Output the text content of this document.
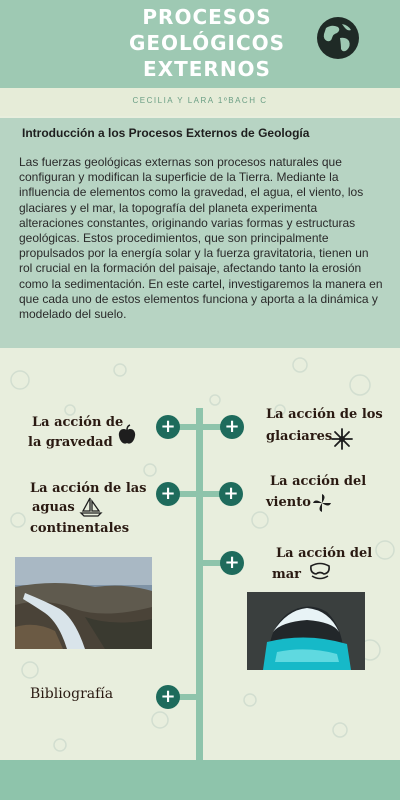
PROCESOS
GEOLÓGICOS
EXTERNOS
CECILIA Y LARA 1ºBACH C
Introducción a los Procesos Externos de Geología
Las fuerzas geológicas externas son procesos naturales que configuran y modifican la superficie de la Tierra. Mediante la influencia de elementos como la gravedad, el agua, el viento, los glaciares y el mar, la topografía del planeta experimenta alteraciones constantes, originando varias formas y estructuras geológicas. Estos procedimientos, que son principalmente propulsados por la energía solar y la fuerza gravitatoria, tienen un rol crucial en la formación del paisaje, afectando tanto la erosión como la sedimentación. En este cartel, investigaremos la manera en que cada uno de estos elementos funciona y aporta a la dinámica y modelado del suelo.
+	+
+	+
+
+
La acción de
la gravedad
La acción de los
glaciares
La acción de las
aguas
continentales
La acción del
viento
La acción del
mar
Bibliografía
